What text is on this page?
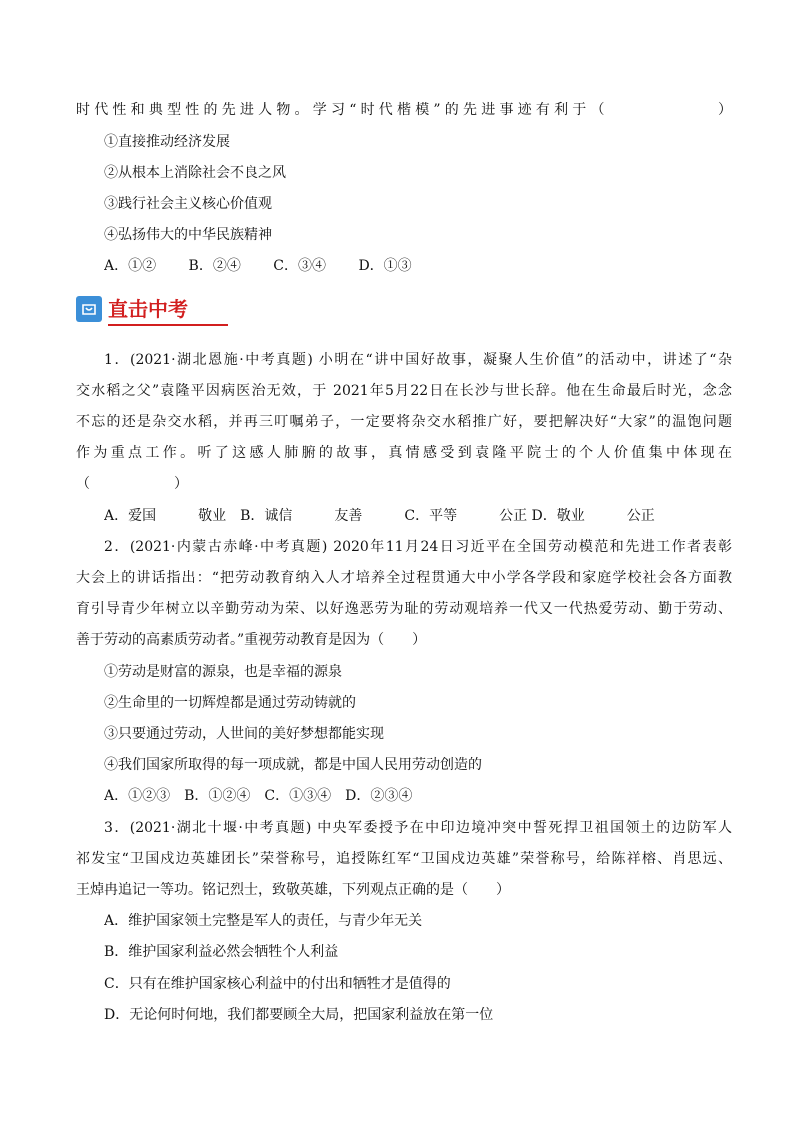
时代性和典型性的先进人物。学习“时代楷模”的先进事迹有利于（　　　　　　）
①直接推动经济发展
②从根本上消除社会不良之风
③践行社会主义核心价值观
④弘扬伟大的中华民族精神
A．①②　　 B．②④　　 C．③④　　 D．①③
直击中考
1．(2021·湖北恩施·中考真题) 小明在“讲中国好故事，凝聚人生价值”的活动中，讲述了“杂
交水稻之父”袁隆平因病医治无效，于 2021年5月22日在长沙与世长辞。他在生命最后时光，念念
不忘的还是杂交水稻，并再三叮嘱弟子，一定要将杂交水稻推广好，要把解决好“大家”的温饱问题
作为重点工作。听了这感人肺腑的故事，真情感受到袁隆平院士的个人价值集中体现在
（　　　　　　）
A．爱国　　　敬业　B．诚信　　　友善　　　C．平等　　　公正 D．敬业　　　公正
2．(2021·内蒙古赤峰·中考真题) 2020年11月24日习近平在全国劳动模范和先进工作者表彰
大会上的讲话指出：“把劳动教育纳入人才培养全过程贯通大中小学各学段和家庭学校社会各方面教
育引导青少年树立以辛勤劳动为荣、以好逸恶劳为耻的劳动观培养一代又一代热爱劳动、勤于劳动、
善于劳动的高素质劳动者。”重视劳动教育是因为（　　）
①劳动是财富的源泉，也是幸福的源泉
②生命里的一切辉煌都是通过劳动铸就的
③只要通过劳动，人世间的美好梦想都能实现
④我们国家所取得的每一项成就，都是中国人民用劳动创造的
A．①②③　B．①②④　C．①③④　D．②③④
3．(2021·湖北十堰·中考真题) 中央军委授予在中印边境冲突中誓死捍卫祖国领土的边防军人
祁发宝“卫国戍边英雄团长”荣誉称号，追授陈红军“卫国戍边英雄”荣誉称号，给陈祥榕、肖思远、
王焯冉追记一等功。铭记烈士，致敬英雄，下列观点正确的是（　　）
A．维护国家领土完整是军人的责任，与青少年无关
B．维护国家利益必然会牺牲个人利益
C．只有在维护国家核心利益中的付出和牺牲才是值得的
D．无论何时何地，我们都要顾全大局，把国家利益放在第一位
